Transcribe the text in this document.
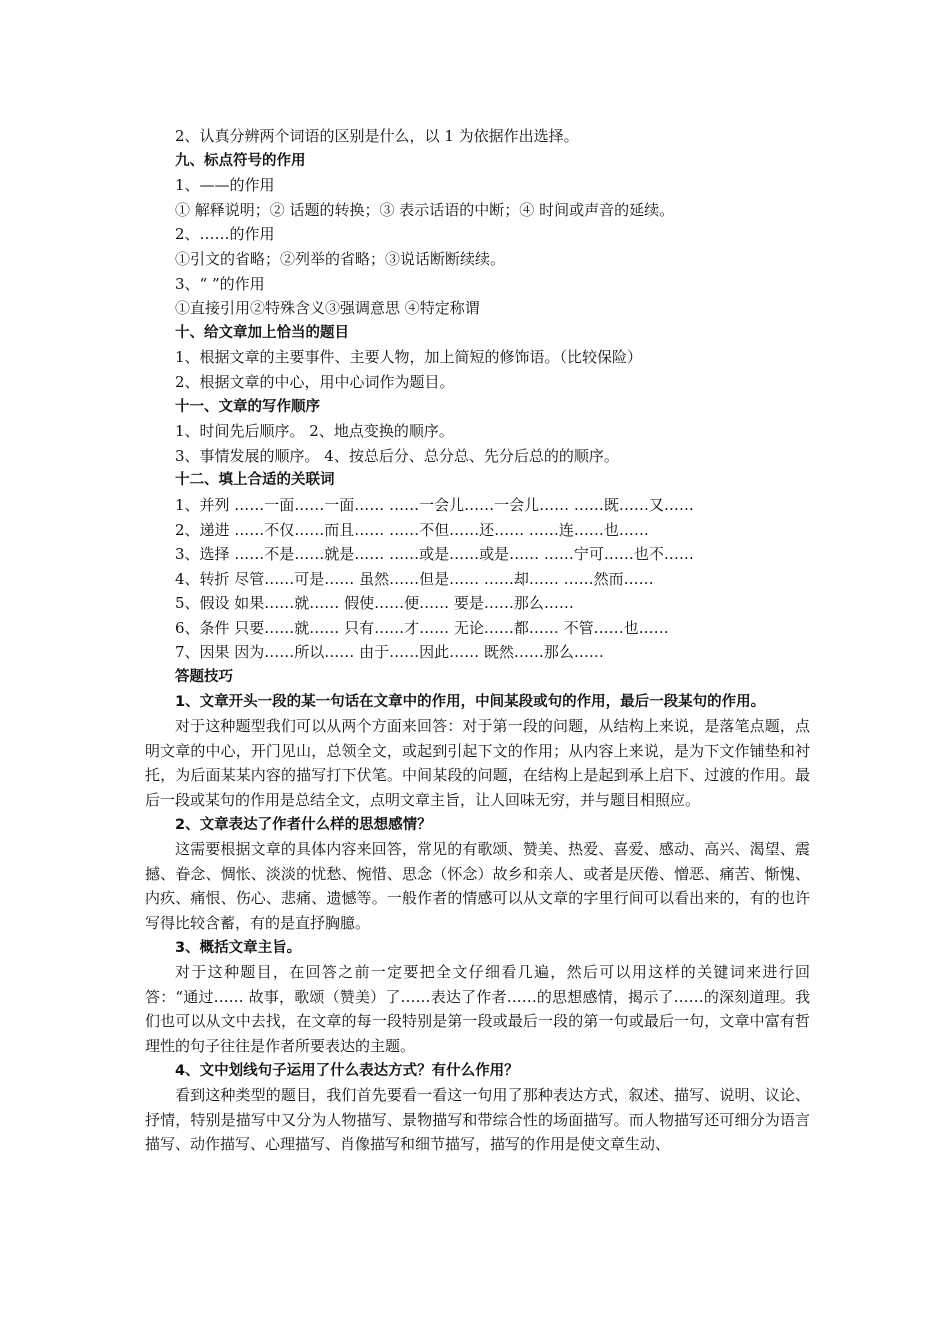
2、认真分辨两个词语的区别是什么，以 1 为依据作出选择。
九、标点符号的作用
1、——的作用
① 解释说明；② 话题的转换；③ 表示话语的中断；④ 时间或声音的延续。
2、……的作用
①引文的省略；②列举的省略；③说话断断续续。
3、“ ”的作用
①直接引用②特殊含义③强调意思 ④特定称谓
十、给文章加上恰当的题目
1、根据文章的主要事件、主要人物，加上简短的修饰语。（比较保险）
2、根据文章的中心，用中心词作为题目。
十一、文章的写作顺序
1、时间先后顺序。 2、地点变换的顺序。
3、事情发展的顺序。 4、按总后分、总分总、先分后总的的顺序。
十二、填上合适的关联词
1、并列 ……一面……一面…… ……一会儿……一会儿…… ……既……又……
2、递进 ……不仅……而且…… ……不但……还…… ……连……也……
3、选择 ……不是……就是…… ……或是……或是…… ……宁可……也不……
4、转折 尽管……可是…… 虽然……但是…… ……却…… ……然而……
5、假设 如果……就…… 假使……便…… 要是……那么……
6、条件 只要……就…… 只有……才…… 无论……都…… 不管……也……
7、因果 因为……所以…… 由于……因此…… 既然……那么……
答题技巧
1、文章开头一段的某一句话在文章中的作用，中间某段或句的作用，最后一段某句的作用。
对于这种题型我们可以从两个方面来回答：对于第一段的问题，从结构上来说，是落笔点题，点明文章的中心，开门见山，总领全文，或起到引起下文的作用；从内容上来说，是为下文作铺垫和衬托，为后面某某内容的描写打下伏笔。中间某段的问题，在结构上是起到承上启下、过渡的作用。最后一段或某句的作用是总结全文，点明文章主旨，让人回味无穷，并与题目相照应。
2、文章表达了作者什么样的思想感情？
这需要根据文章的具体内容来回答，常见的有歌颂、赞美、热爱、喜爱、感动、高兴、渴望、震撼、眷念、惆怅、淡淡的忧愁、惋惜、思念（怀念）故乡和亲人、或者是厌倦、憎恶、痛苦、惭愧、内疚、痛恨、伤心、悲痛、遗憾等。一般作者的情感可以从文章的字里行间可以看出来的，有的也许写得比较含蓄，有的是直抒胸臆。
3、概括文章主旨。
对于这种题目，在回答之前一定要把全文仔细看几遍，然后可以用这样的关键词来进行回答：“通过…… 故事，歌颂（赞美）了……表达了作者……的思想感情，揭示了……的深刻道理。我们也可以从文中去找，在文章的每一段特别是第一段或最后一段的第一句或最后一句，文章中富有哲理性的句子往往是作者所要表达的主题。
4、文中划线句子运用了什么表达方式？有什么作用？
看到这种类型的题目，我们首先要看一看这一句用了那种表达方式，叙述、描写、说明、议论、抒情，特别是描写中又分为人物描写、景物描写和带综合性的场面描写。而人物描写还可细分为语言描写、动作描写、心理描写、肖像描写和细节描写，描写的作用是使文章生动、
